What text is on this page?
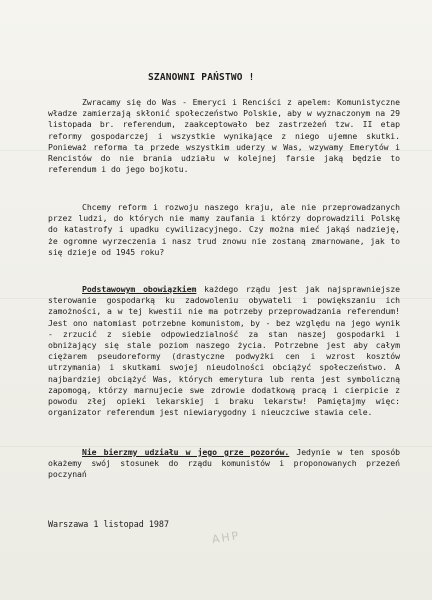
SZANOWNI PAŃSTWO !
Zwracamy się do Was - Emeryci i Renciści z apelem: Komunistyczne władze zamierzają skłonić społeczeństwo Polskie, aby w wyznaczonym na 29 listopada br. referendum, zaakceptowało bez zastrzeżeń tzw. II etap reformy gospodarczej i wszystkie wynikające z niego ujemne skutki. Ponieważ reforma ta przede wszystkim uderzy w Was, wzywamy Emerytów i Rencistów do nie brania udziału w kolejnej farsie jaką będzie to referendum i do jego bojkotu.
Chcemy reform i rozwoju naszego kraju, ale nie przeprowadzanych przez ludzi, do których nie mamy zaufania i którzy doprowadzili Polskę do katastrofy i upadku cywilizacyjnego. Czy można mieć jakąś nadzieję, że ogromne wyrzeczenia i nasz trud znowu nie zostaną zmarnowane, jak to się dzieje od 1945 roku?
Podstawowym obowiązkiem każdego rządu jest jak najsprawniejsze sterowanie gospodarką ku zadowoleniu obywateli i powiększaniu ich zamożności, a w tej kwestii nie ma potrzeby przeprowadzania referendum! Jest ono natomiast potrzebne komunistom, by - bez względu na jego wynik - zrzucić z siebie odpowiedzialność za stan naszej gospodarki i obniżający się stale poziom naszego życia. Potrzebne jest aby całym ciężarem pseudoreformy (drastyczne podwyżki cen i wzrost kosztów utrzymania) i skutkami swojej nieudolności obciążyć społeczeństwo. A najbardziej obciążyć Was, których emerytura lub renta jest symboliczną zapomogą, którzy marnujecie swe zdrowie dodatkową pracą i cierpicie z powodu złej opieki lekarskiej i braku lekarstw! Pamiętajmy więc: organizator referendum jest niewiarygodny i nieuczciwe stawia cele.
Nie bierzmy udziału w jego grze pozorów. Jedynie w ten sposób okażemy swój stosunek do rządu komunistów i proponowanych przezeń poczynań
Warszawa 1 listopad 1987
AHP
